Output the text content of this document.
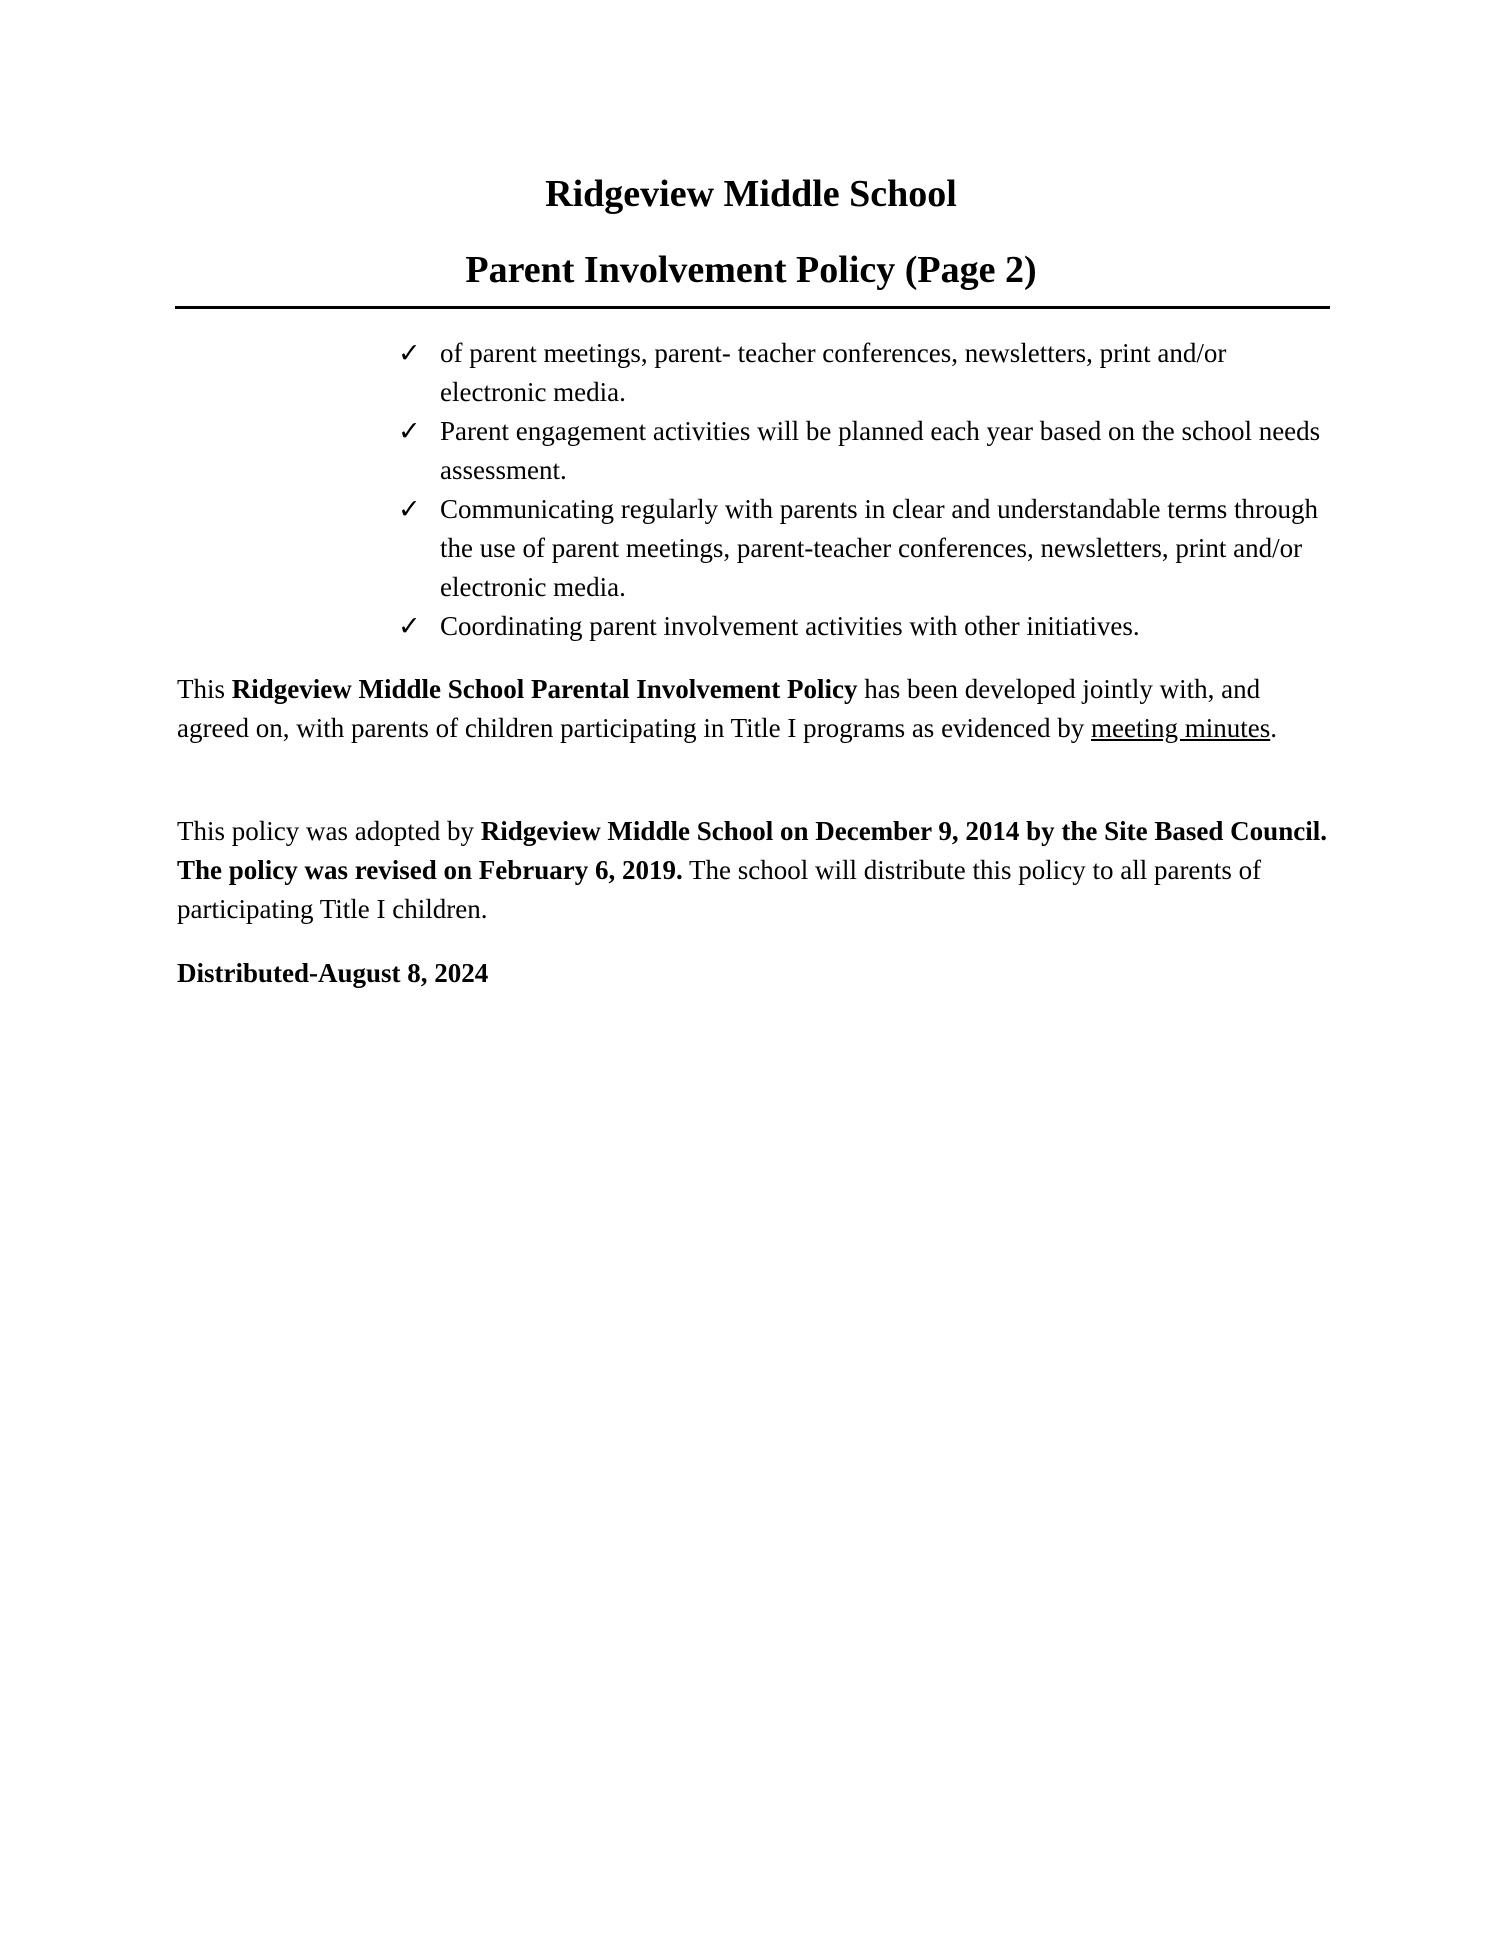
Ridgeview Middle School
Parent Involvement Policy (Page 2)
✓ of parent meetings, parent- teacher conferences, newsletters, print and/or electronic media.
✓ Parent engagement activities will be planned each year based on the school needs assessment.
✓ Communicating regularly with parents in clear and understandable terms through the use of parent meetings, parent-teacher conferences, newsletters, print and/or electronic media.
✓ Coordinating parent involvement activities with other initiatives.

This Ridgeview Middle School Parental Involvement Policy has been developed jointly with, and agreed on, with parents of children participating in Title I programs as evidenced by meeting minutes.

This policy was adopted by Ridgeview Middle School on December 9, 2014 by the Site Based Council. The policy was revised on February 6, 2019. The school will distribute this policy to all parents of participating Title I children.

Distributed-August 8, 2024
